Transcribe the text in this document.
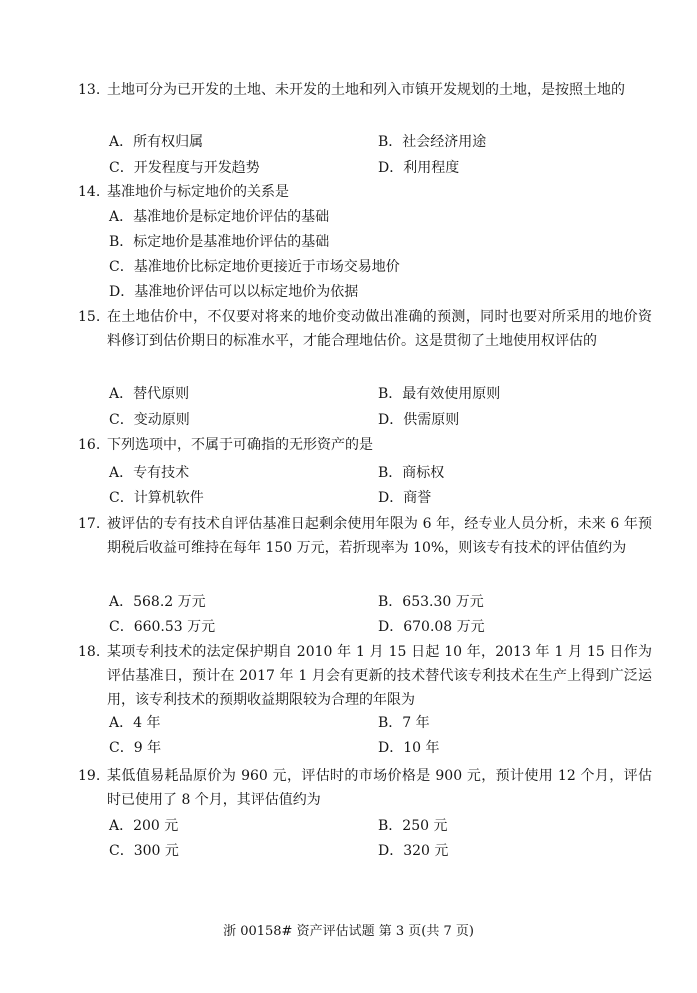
13. 土地可分为已开发的土地、未开发的土地和列入市镇开发规划的土地，是按照土地的
A．所有权归属	B．社会经济用途
C．开发程度与开发趋势	D．利用程度
14. 基准地价与标定地价的关系是
A．基准地价是标定地价评估的基础
B．标定地价是基准地价评估的基础
C．基准地价比标定地价更接近于市场交易地价
D．基准地价评估可以以标定地价为依据
15. 在土地估价中，不仅要对将来的地价变动做出准确的预测，同时也要对所采用的地价资料修订到估价期日的标准水平，才能合理地估价。这是贯彻了土地使用权评估的
A．替代原则	B．最有效使用原则
C．变动原则	D．供需原则
16. 下列选项中，不属于可确指的无形资产的是
A．专有技术	B．商标权
C．计算机软件	D．商誉
17. 被评估的专有技术自评估基准日起剩余使用年限为 6 年，经专业人员分析，未来 6 年预期税后收益可维持在每年 150 万元，若折现率为 10%，则该专有技术的评估值约为
A．568.2 万元	B．653.30 万元
C．660.53 万元	D．670.08 万元
18. 某项专利技术的法定保护期自 2010 年 1 月 15 日起 10 年，2013 年 1 月 15 日作为评估基准日，预计在 2017 年 1 月会有更新的技术替代该专利技术在生产上得到广泛运用，该专利技术的预期收益期限较为合理的年限为
A．4 年	B．7 年
C．9 年	D．10 年
19. 某低值易耗品原价为 960 元，评估时的市场价格是 900 元，预计使用 12 个月，评估时已使用了 8 个月，其评估值约为
A．200 元	B．250 元
C．300 元	D．320 元
浙 00158# 资产评估试题 第 3 页(共 7 页)
